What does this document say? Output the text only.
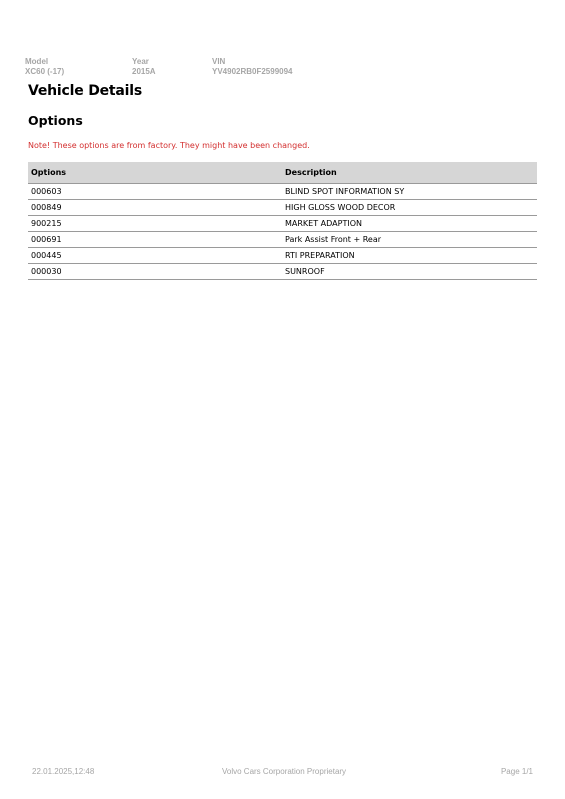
Model
XC60 (-17)
Year
2015A
VIN
YV4902RB0F2599094
Vehicle Details
Options

Note! These options are from factory. They might have been changed.

Options	Description
000603	BLIND SPOT INFORMATION SY
000849	HIGH GLOSS WOOD DECOR
900215	MARKET ADAPTION
000691	Park Assist Front + Rear
000445	RTI PREPARATION
000030	SUNROOF
22.01.2025,12:48	Volvo Cars Corporation Proprietary	Page 1/1
